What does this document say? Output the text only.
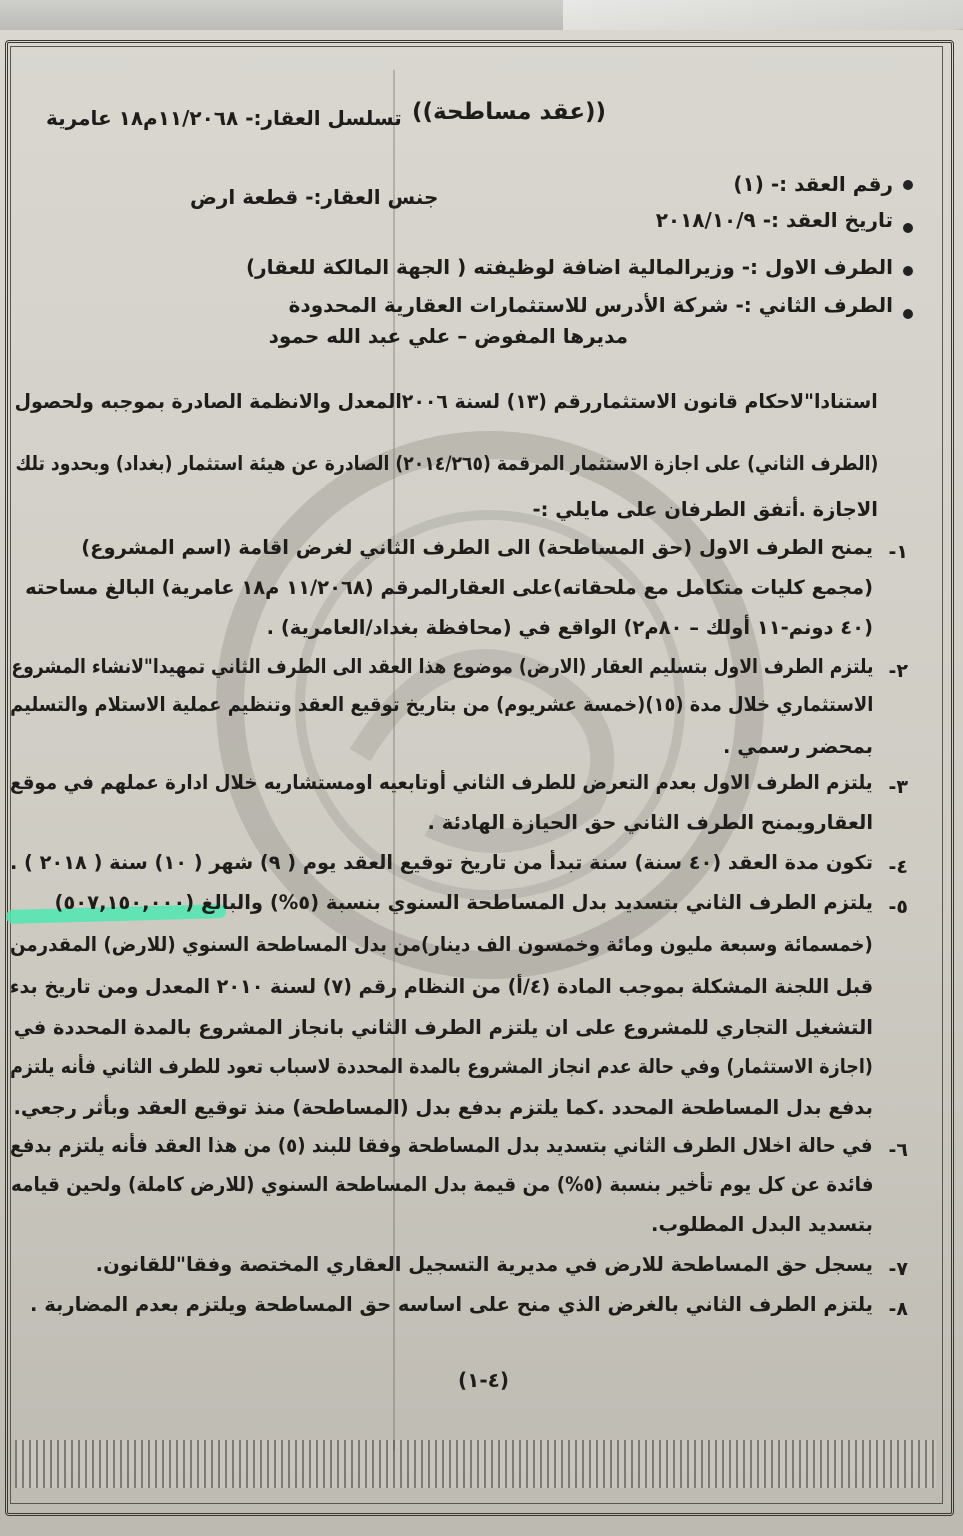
((عقد مساطحة))
تسلسل العقار:- ١١/٢٠٦٨م١٨ عامرية
جنس العقار:- قطعة ارض
رقم العقد :- (١)
تاريخ العقد :- ٢٠١٨/١٠/٩
الطرف الاول :- وزيرالمالية اضافة لوظيفته ( الجهة المالكة للعقار)
الطرف الثاني :- شركة الأدرس للاستثمارات العقارية المحدودة
مديرها المفوض – علي عبد الله حمود
استنادا"لاحكام قانون الاستثماررقم (١٣) لسنة ٢٠٠٦المعدل والانظمة الصادرة بموجبه ولحصول
(الطرف الثاني) على اجازة الاستثمار المرقمة (٢٠١٤/٢٦٥) الصادرة عن هيئة استثمار (بغداد) وبحدود تلك
الاجازة .أتفق الطرفان على مايلي :-
١-
يمنح الطرف الاول (حق المساطحة) الى الطرف الثاني لغرض اقامة (اسم المشروع)
(مجمع كليات متكامل مع ملحقاته)على العقارالمرقم (١١/٢٠٦٨ م١٨ عامرية) البالغ مساحته
(٤٠ دونم-١١ أولك – ٨٠م٢) الواقع في (محافظة بغداد/العامرية) .
٢-
يلتزم الطرف الاول بتسليم العقار (الارض) موضوع هذا العقد الى الطرف الثاني تمهيدا"لانشاء المشروع
الاستثماري خلال مدة (١٥)(خمسة عشريوم) من بتاريخ توقيع العقد وتنظيم عملية الاستلام والتسليم
بمحضر رسمي .
٣-
يلتزم الطرف الاول بعدم التعرض للطرف الثاني أوتابعيه اومستشاريه خلال ادارة عملهم في موقع
العقارويمنح الطرف الثاني حق الحيازة الهادئة .
٤-
تكون مدة العقد (٤٠ سنة) سنة تبدأ من تاريخ توقيع العقد يوم ( ٩) شهر ( ١٠) سنة ( ٢٠١٨ ) .
٥-
يلتزم الطرف الثاني بتسديد بدل المساطحة السنوي بنسبة (٥%) والبالغ (٥٠٧,١٥٠,٠٠٠)
(خمسمائة وسبعة مليون ومائة وخمسون الف دينار)من بدل المساطحة السنوي (للارض) المقدرمن
قبل اللجنة المشكلة بموجب المادة (٤/أ) من النظام رقم (٧) لسنة ٢٠١٠ المعدل ومن تاريخ بدء
التشغيل التجاري للمشروع على ان يلتزم الطرف الثاني بانجاز المشروع بالمدة المحددة في
(اجازة الاستثمار) وفي حالة عدم انجاز المشروع بالمدة المحددة لاسباب تعود للطرف الثاني فأنه يلتزم
بدفع بدل المساطحة المحدد .كما يلتزم بدفع بدل (المساطحة) منذ توقيع العقد وبأثر رجعي.
٦-
في حالة اخلال الطرف الثاني بتسديد بدل المساطحة وفقا للبند (٥) من هذا العقد فأنه يلتزم بدفع
فائدة عن كل يوم تأخير بنسبة (٥%) من قيمة بدل المساطحة السنوي (للارض كاملة) ولحين قيامه
بتسديد البدل المطلوب.
٧-
يسجل حق المساطحة للارض في مديرية التسجيل العقاري المختصة وفقا"للقانون.
٨-
يلتزم الطرف الثاني بالغرض الذي منح على اساسه حق المساطحة ويلتزم بعدم المضاربة .
(٤-١)
